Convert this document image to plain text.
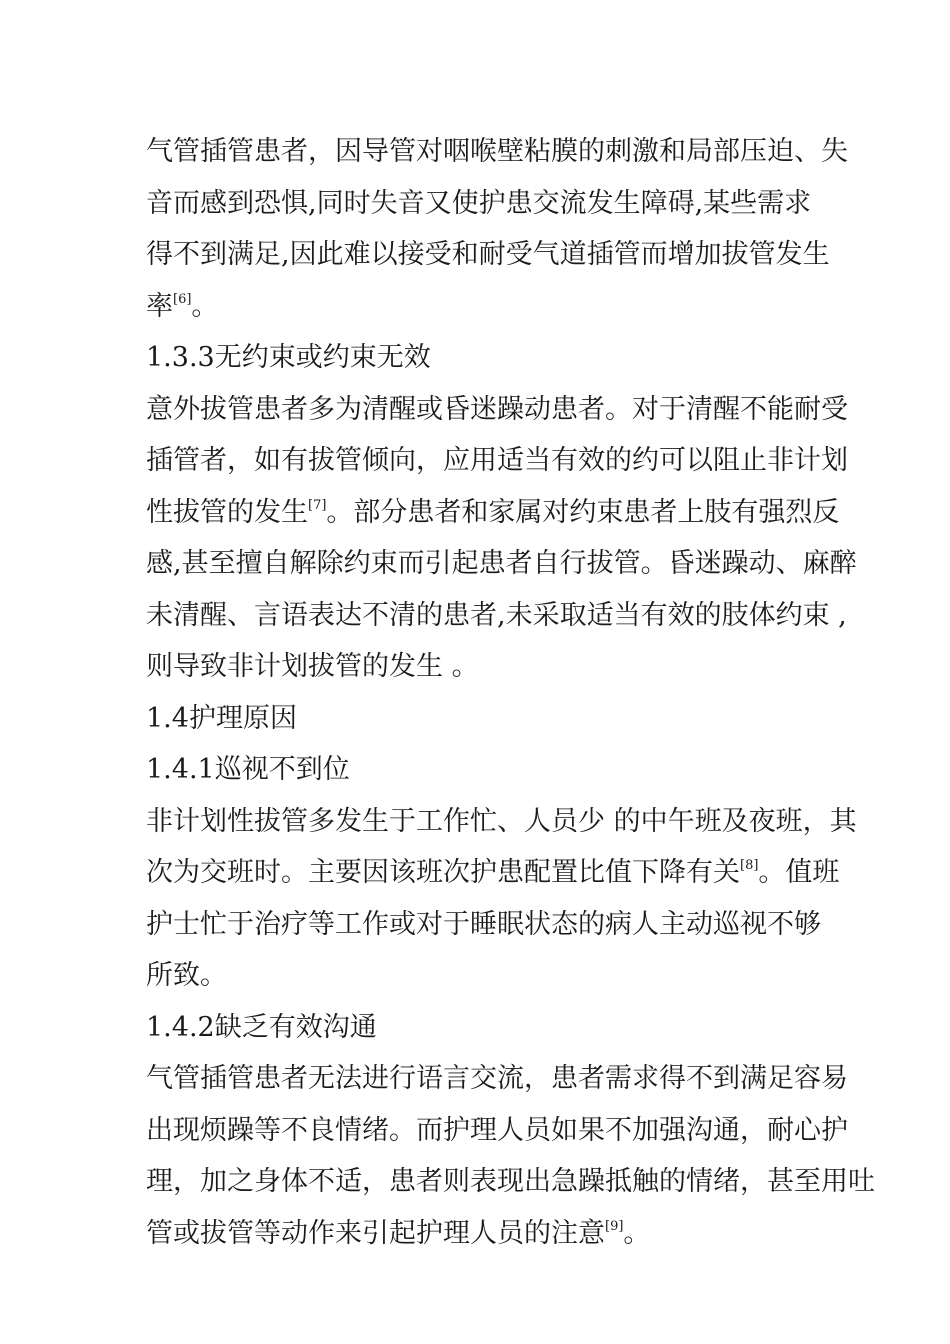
气管插管患者，因导管对咽喉壁粘膜的刺激和局部压迫、失
音而感到恐惧,同时失音又使护患交流发生障碍,某些需求
得不到满足,因此难以接受和耐受气道插管而增加拔管发生
率[6]。
1.3.3无约束或约束无效
意外拔管患者多为清醒或昏迷躁动患者。对于清醒不能耐受
插管者，如有拔管倾向，应用适当有效的约可以阻止非计划
性拔管的发生[7]。部分患者和家属对约束患者上肢有强烈反
感,甚至擅自解除约束而引起患者自行拔管。昏迷躁动、麻醉
未清醒、言语表达不清的患者,未采取适当有效的肢体约束 ,
则导致非计划拔管的发生 。
1.4护理原因
1.4.1巡视不到位
非计划性拔管多发生于工作忙、人员少 的中午班及夜班，其
次为交班时。主要因该班次护患配置比值下降有关[8]。值班
护士忙于治疗等工作或对于睡眠状态的病人主动巡视不够
所致。
1.4.2缺乏有效沟通
气管插管患者无法进行语言交流，患者需求得不到满足容易
出现烦躁等不良情绪。而护理人员如果不加强沟通，耐心护
理，加之身体不适，患者则表现出急躁抵触的情绪，甚至用吐
管或拔管等动作来引起护理人员的注意[9]。
